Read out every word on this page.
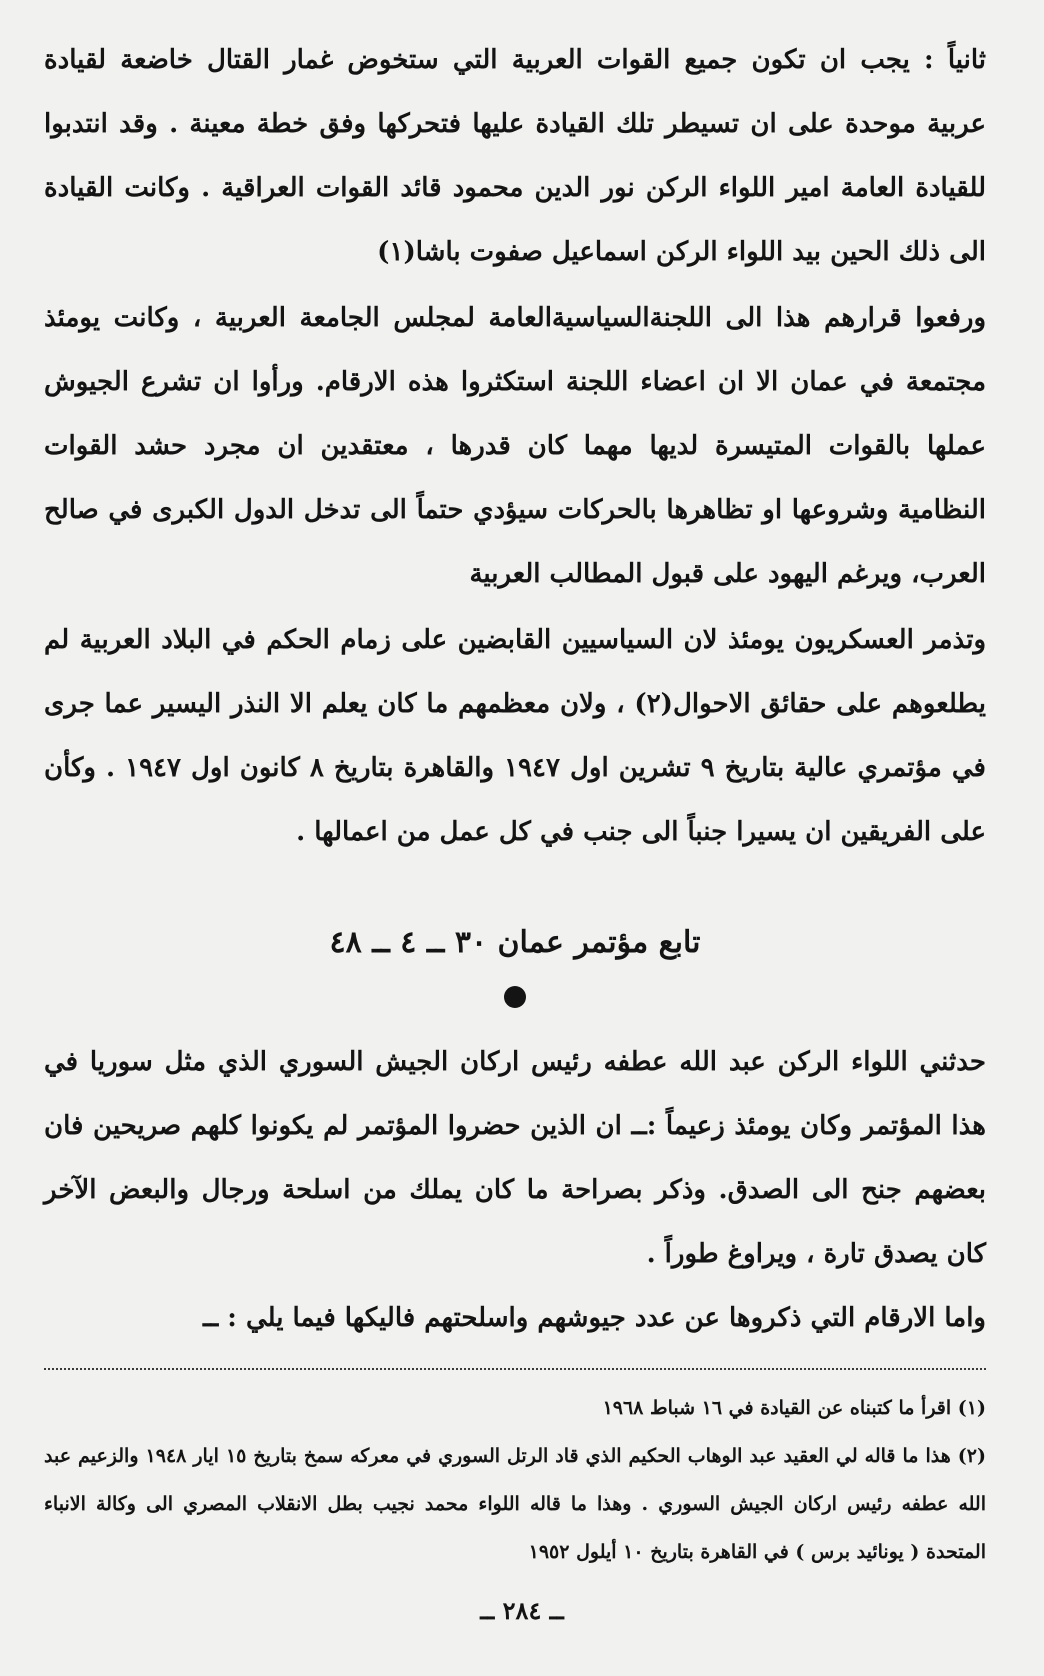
ثانياً : يجب ان تكون جميع القوات العربية التي ستخوض غمار القتال خاضعة لقيادة عربية موحدة على ان تسيطر تلك القيادة عليها فتحركها وفق خطة معينة . وقد انتدبوا للقيادة العامة امير اللواء الركن نور الدين محمود قائد القوات العراقية . وكانت القيادة الى ذلك الحين بيد اللواء الركن اسماعيل صفوت باشا(١)

ورفعوا قرارهم هذا الى اللجنةالسياسيةالعامة لمجلس الجامعة العربية ، وكانت يومئذ مجتمعة في عمان الا ان اعضاء اللجنة استكثروا هذه الارقام. ورأوا ان تشرع الجيوش عملها بالقوات المتيسرة لديها مهما كان قدرها ، معتقدين ان مجرد حشد القوات النظامية وشروعها او تظاهرها بالحركات سيؤدي حتماً الى تدخل الدول الكبرى في صالح العرب، ويرغم اليهود على قبول المطالب العربية

وتذمر العسكريون يومئذ لان السياسيين القابضين على زمام الحكم في البلاد العربية لم يطلعوهم على حقائق الاحوال(٢) ، ولان معظمهم ما كان يعلم الا النذر اليسير عما جرى في مؤتمري عالية بتاريخ ٩ تشرين اول ١٩٤٧ والقاهرة بتاريخ ٨ كانون اول ١٩٤٧ . وكأن على الفريقين ان يسيرا جنباً الى جنب في كل عمل من اعمالها .

تابع مؤتمر عمان ٣٠ ــ ٤ ــ ٤٨

حدثني اللواء الركن عبد الله عطفه رئيس اركان الجيش السوري الذي مثل سوريا في هذا المؤتمر وكان يومئذ زعيماً :ــ ان الذين حضروا المؤتمر لم يكونوا كلهم صريحين فان بعضهم جنح الى الصدق. وذكر بصراحة ما كان يملك من اسلحة ورجال والبعض الآخر كان يصدق تارة ، ويراوغ طوراً .

واما الارقام التي ذكروها عن عدد جيوشهم واسلحتهم فاليكها فيما يلي : ــ

(١) اقرأ ما كتبناه عن القيادة في ١٦ شباط ١٩٦٨

(٢) هذا ما قاله لي العقيد عبد الوهاب الحكيم الذي قاد الرتل السوري في معركه سمخ بتاريخ ١٥ ايار ١٩٤٨ والزعيم عبد الله عطفه رئيس اركان الجيش السوري . وهذا ما قاله اللواء محمد نجيب بطل الانقلاب المصري الى وكالة الانباء المتحدة ( يونائيد برس ) في القاهرة بتاريخ ١٠ أيلول ١٩٥٢

ــ ٢٨٤ ــ
